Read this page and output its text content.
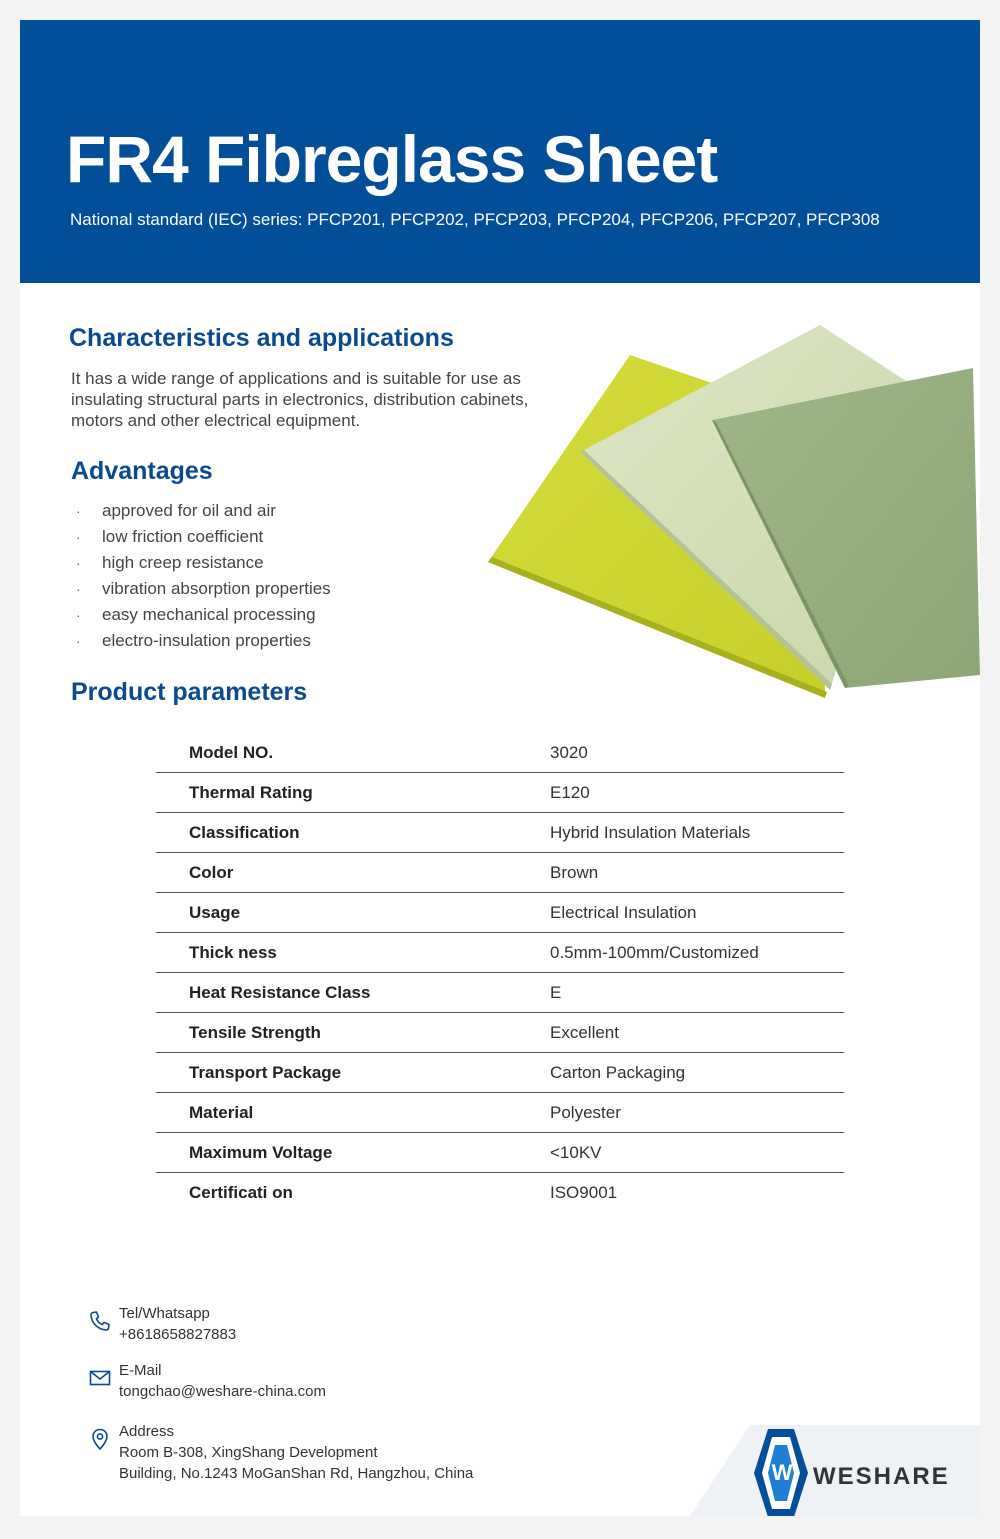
FR4 Fibreglass Sheet

National standard (IEC) series: PFCP201, PFCP202, PFCP203, PFCP204, PFCP206, PFCP207, PFCP308

Characteristics and applications

It has a wide range of applications and is suitable for use as insulating structural parts in electronics, distribution cabinets, motors and other electrical equipment.

Advantages
· approved for oil and air
· low friction coefficient
· high creep resistance
· vibration absorption properties
· easy mechanical processing
· electro-insulation properties
Product parameters
Model NO.	3020
Thermal Rating	E120
Classification	Hybrid Insulation Materials
Color	Brown
Usage	Electrical Insulation
Thick ness	0.5mm-100mm/Customized
Heat Resistance Class	E
Tensile Strength	Excellent
Transport Package	Carton Packaging
Material	Polyester
Maximum Voltage	<10KV
Certificati on	ISO9001
Tel/Whatsapp
+8618658827883
E-Mail
tongchao@weshare-china.com
Address
Room B-308, XingShang Development
Building, No.1243 MoGanShan Rd, Hangzhou, China	W WESHARE
